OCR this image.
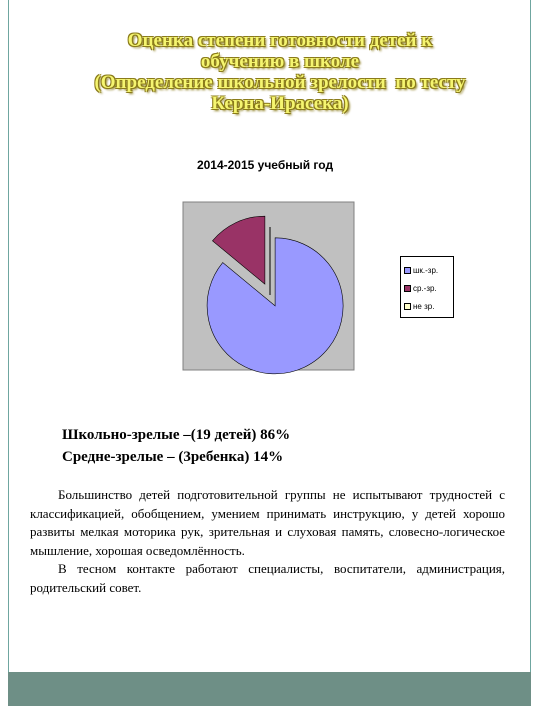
Оценка степени готовности детей к
обучению в школе
(Определение школьной зрелости  по тесту
Керна-Ирасека)
2014-2015 учебный год
шк.-зр.
ср.-зр.
не зр.
Школьно-зрелые –(19 детей) 86%
Средне-зрелые – (3ребенка) 14%

Большинство детей подготовительной группы не испытывают трудностей с классификацией, обобщением, умением принимать инструкцию, у детей хорошо развиты мелкая моторика рук, зрительная и слуховая память, словесно-логическое мышление, хорошая осведомлённость.

В тесном контакте работают специалисты, воспитатели, администрация, родительский совет.
